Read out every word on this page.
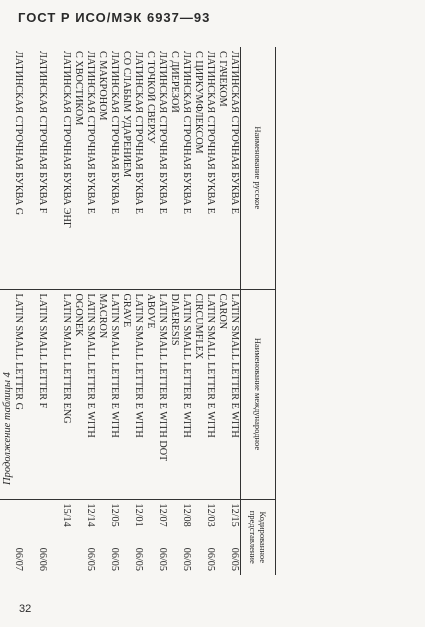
ГОСТ Р ИСО/МЭК 6937—93
Продолжение таблицы 4
Наименование русское	Наименование международное	Кодированное представление

ЛАТИНСКАЯ СТРОЧНАЯ БУКВА E
С ГАЧЕКОМ	LATIN SMALL LETTER E WITH
CARON	12/15
06/05

ЛАТИНСКАЯ СТРОЧНАЯ БУКВА E
С ЦИРКУМФЛЕКСОМ	LATIN SMALL LETTER E WITH
CIRCUMFLEX	12/03
06/05

ЛАТИНСКАЯ СТРОЧНАЯ БУКВА E
С ДИЕРЕЗОЙ	LATIN SMALL LETTER E WITH
DIAERESIS	12/08
06/05

ЛАТИНСКАЯ СТРОЧНАЯ БУКВА E
С ТОЧКОЙ СВЕРХУ	LATIN SMALL LETTER E WITH DOT
ABOVE	12/07
06/05

ЛАТИНСКАЯ СТРОЧНАЯ БУКВА E
СО СЛАБЫМ УДАРЕНИЕМ	LATIN SMALL LETTER E WITH
GRAVE	12/01
06/05

ЛАТИНСКАЯ СТРОЧНАЯ БУКВА E
С МАКРОНОМ	LATIN SMALL LETTER E WITH
MACRON	12/05
06/05

ЛАТИНСКАЯ СТРОЧНАЯ БУКВА E
С ХВОСТИКОМ	LATIN SMALL LETTER E WITH
OGONEK	12/14
06/05

ЛАТИНСКАЯ СТРОЧНАЯ БУКВА ЭНГ	LATIN SMALL LETTER ENG	15/14

ЛАТИНСКАЯ СТРОЧНАЯ БУКВА F	LATIN SMALL LETTER F	06/06

ЛАТИНСКАЯ СТРОЧНАЯ БУКВА G	LATIN SMALL LETTER G	06/07

32
